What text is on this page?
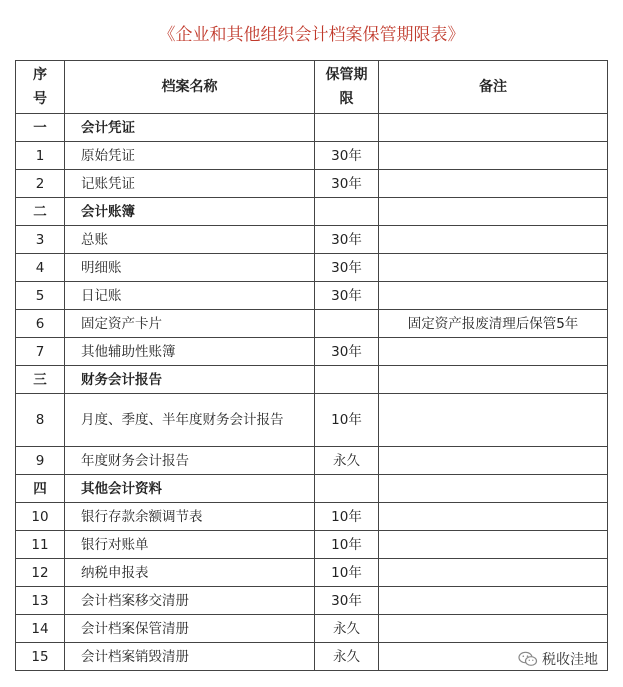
《企业和其他组织会计档案保管期限表》
序号	档案名称	保管期限	备注
一	会计凭证		
1	原始凭证	30年	
2	记账凭证	30年	
二	会计账簿		
3	总账	30年	
4	明细账	30年	
5	日记账	30年	
6	固定资产卡片		固定资产报废清理后保管5年
7	其他辅助性账簿	30年	
三	财务会计报告		
8	月度、季度、半年度财务会计报告	10年	
9	年度财务会计报告	永久	
四	其他会计资料		
10	银行存款余额调节表	10年	
11	银行对账单	10年	
12	纳税申报表	10年	
13	会计档案移交清册	30年	
14	会计档案保管清册	永久	
15	会计档案销毁清册	永久		税收洼地
